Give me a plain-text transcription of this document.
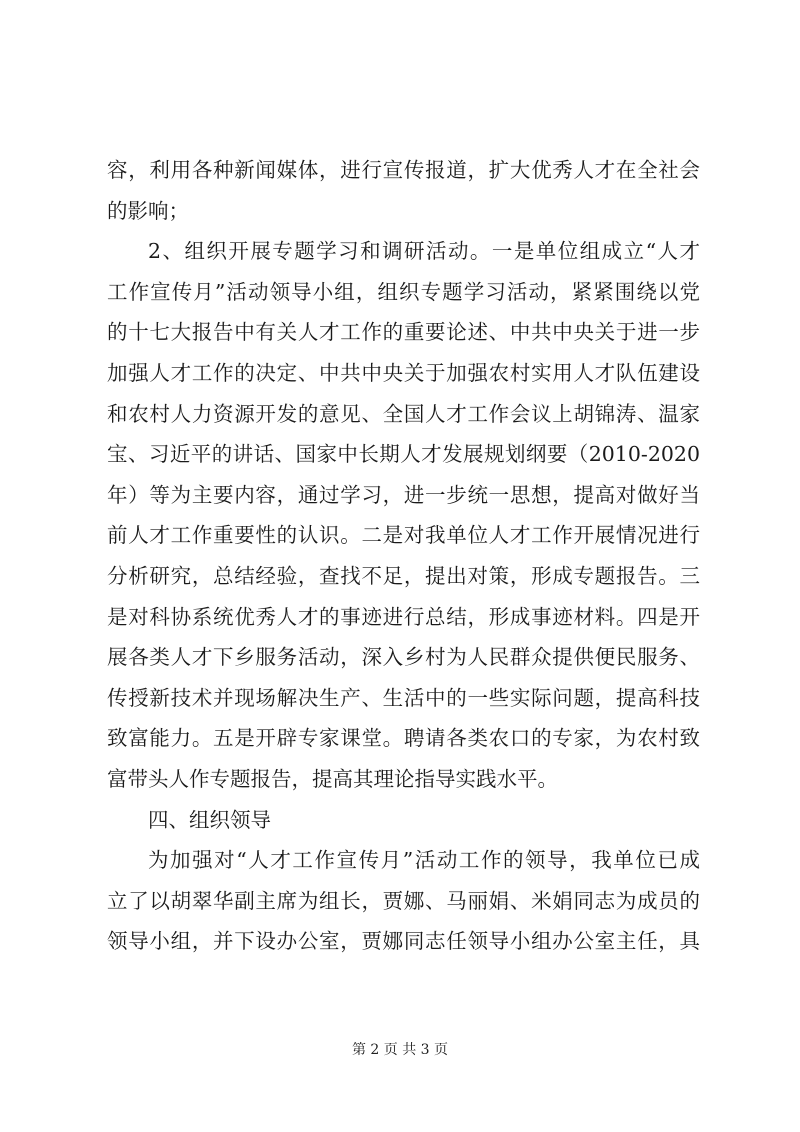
容，利用各种新闻媒体，进行宣传报道，扩大优秀人才在全社会
的影响；
2、组织开展专题学习和调研活动。一是单位组成立“人才
工作宣传月”活动领导小组，组织专题学习活动，紧紧围绕以党
的十七大报告中有关人才工作的重要论述、中共中央关于进一步
加强人才工作的决定、中共中央关于加强农村实用人才队伍建设
和农村人力资源开发的意见、全国人才工作会议上胡锦涛、温家
宝、习近平的讲话、国家中长期人才发展规划纲要（2010-2020
年）等为主要内容，通过学习，进一步统一思想，提高对做好当
前人才工作重要性的认识。二是对我单位人才工作开展情况进行
分析研究，总结经验，查找不足，提出对策，形成专题报告。三
是对科协系统优秀人才的事迹进行总结，形成事迹材料。四是开
展各类人才下乡服务活动，深入乡村为人民群众提供便民服务、
传授新技术并现场解决生产、生活中的一些实际问题，提高科技
致富能力。五是开辟专家课堂。聘请各类农口的专家，为农村致
富带头人作专题报告，提高其理论指导实践水平。
四、组织领导
为加强对“人才工作宣传月”活动工作的领导，我单位已成
立了以胡翠华副主席为组长，贾娜、马丽娟、米娟同志为成员的
领导小组，并下设办公室，贾娜同志任领导小组办公室主任，具
第 2 页 共 3 页
